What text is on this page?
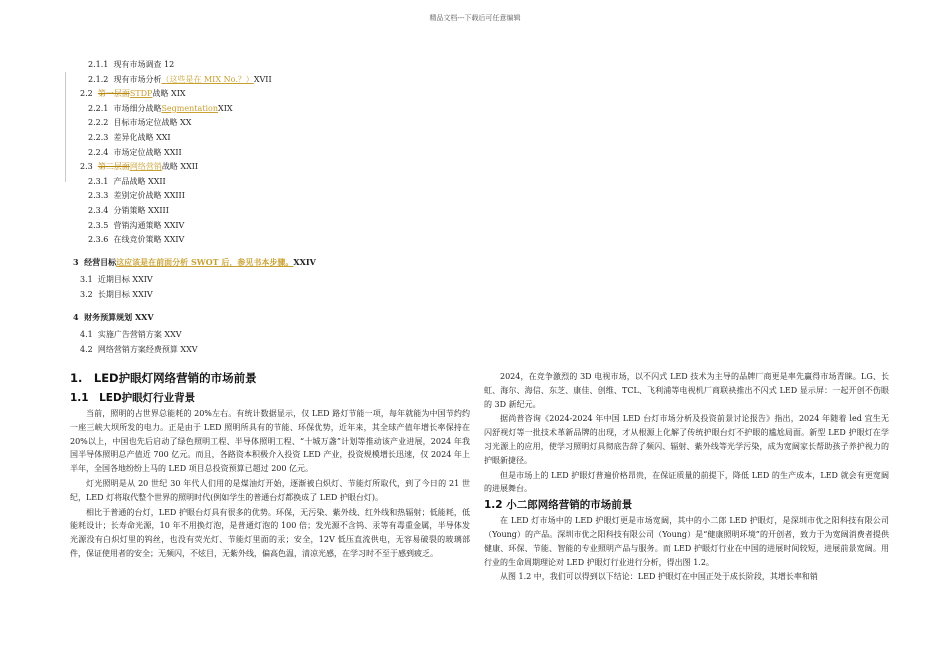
精品文档---下载后可任意编辑
2.1.1 现有市场调查 12
2.1.2 现有市场分析（这些是在 MIX No.？）XVII
2.2 第一层面STDP战略 XIX
2.2.1 市场细分战略SegmentationXIX
2.2.2 目标市场定位战略 XX
2.2.3 差异化战略 XXI
2.2.4 市场定位战略 XXII
2.3 第二层面网络营销战略 XXII
2.3.1 产品战略 XXII
2.3.3 差别定价战略 XXIII
2.3.4 分销策略 XXIII
2.3.5 营销沟通策略 XXIV
2.3.6 在线竞价策略 XXIV
3 经营目标这应该是在前面分析 SWOT 后，参见书本步骤。XXIV
3.1 近期目标 XXIV
3.2 长期目标 XXIV
4 财务预算规划 XXV
4.1 实施广告营销方案 XXV
4.2 网络营销方案经费预算 XXV
1.　LED护眼灯网络营销的市场前景
1.1　LED护眼灯行业背景

当前，照明的占世界总能耗的 20%左右。有统计数据显示，仅 LED 路灯节能一项，每年就能为中国节约约一座三峡大坝所发的电力。正是由于 LED 照明所具有的节能、环保优势，近年来，其全球产值年增长率保持在 20%以上，中国也先后启动了绿色照明工程、半导体照明工程、“十城万盏”计划等推动该产业进展，2024 年我国半导体照明总产值近 700 亿元。而且，各路资本积极介入投资 LED 产业，投资规模增长迅速，仅 2024 年上半年，全国各地纷纷上马的 LED 项目总投资预算已超过 200 亿元。

灯光照明是从 20 世纪 30 年代人们用的是煤油灯开始，逐渐被白炽灯、节能灯所取代，到了今日的 21 世纪，LED 灯将取代整个世界的照明时代(例如学生的普通台灯都换成了 LED 护眼台灯)。

相比于普通的台灯，LED 护眼台灯具有很多的优势。环保，无污染、紫外线、红外线和热辐射；低能耗，低能耗设计；长寿命光源，10 年不用换灯泡，是普通灯泡的 100 倍；发光源不含钨、汞等有毒重金属，半导体发光源没有白炽灯里的钨丝，也没有荧光灯、节能灯里面的汞；安全，12V 低压直流供电，无容易破裂的玻璃部件，保证使用者的安全；无频闪，不炫目，无紫外线，偏高色温，清凉光感，在学习时不至于感到疲乏。

2024，在竞争激烈的 3D 电视市场，以不闪式 LED 技术为主导的品牌厂商更是率先赢得市场青睐。LG、长虹、海尔、海信、东芝、康佳、创维、TCL、飞利浦等电视机厂商联袂推出不闪式 LED 显示屏：一起开创不伤眼的 3D 新纪元。

据尚普咨询《2024-2024 年中国 LED 台灯市场分析及投资前景讨论报告》指出，2024 年随着 led 宜生无闪舒视灯等一批技术革新品牌的出现，才从根源上化解了传统护眼台灯不护眼的尴尬局面。新型 LED 护眼灯在学习光源上的应用，使学习照明灯具彻底告辞了频闪、辐射、紫外线等光学污染，成为宽阔家长帮助孩子养护视力的护眼新捷径。

但是市场上的 LED 护眼灯普遍价格昂贵，在保证质量的前提下，降低 LED 的生产成本，LED 就会有更宽阔的进展舞台。

1.2 小二郎网络营销的市场前景

在 LED 灯市场中的 LED 护眼灯更是市场宽阔，其中的小二郎 LED 护眼灯，是深圳市优之阳科技有限公司（Young）的产品。深圳市优之阳科技有限公司（Young）是“健康照明环境”的开创者，致力于为宽阔消费者提供健康、环保、节能、智能的专业照明产品与服务。而 LED 护眼灯行业在中国的进展时间较短，进展前景宽阔。用行业的生命周期理论对 LED 护眼灯行业进行分析，得出图 1.2。

从图 1.2 中，我们可以得到以下结论：LED 护眼灯在中国正处于成长阶段，其增长率和销
